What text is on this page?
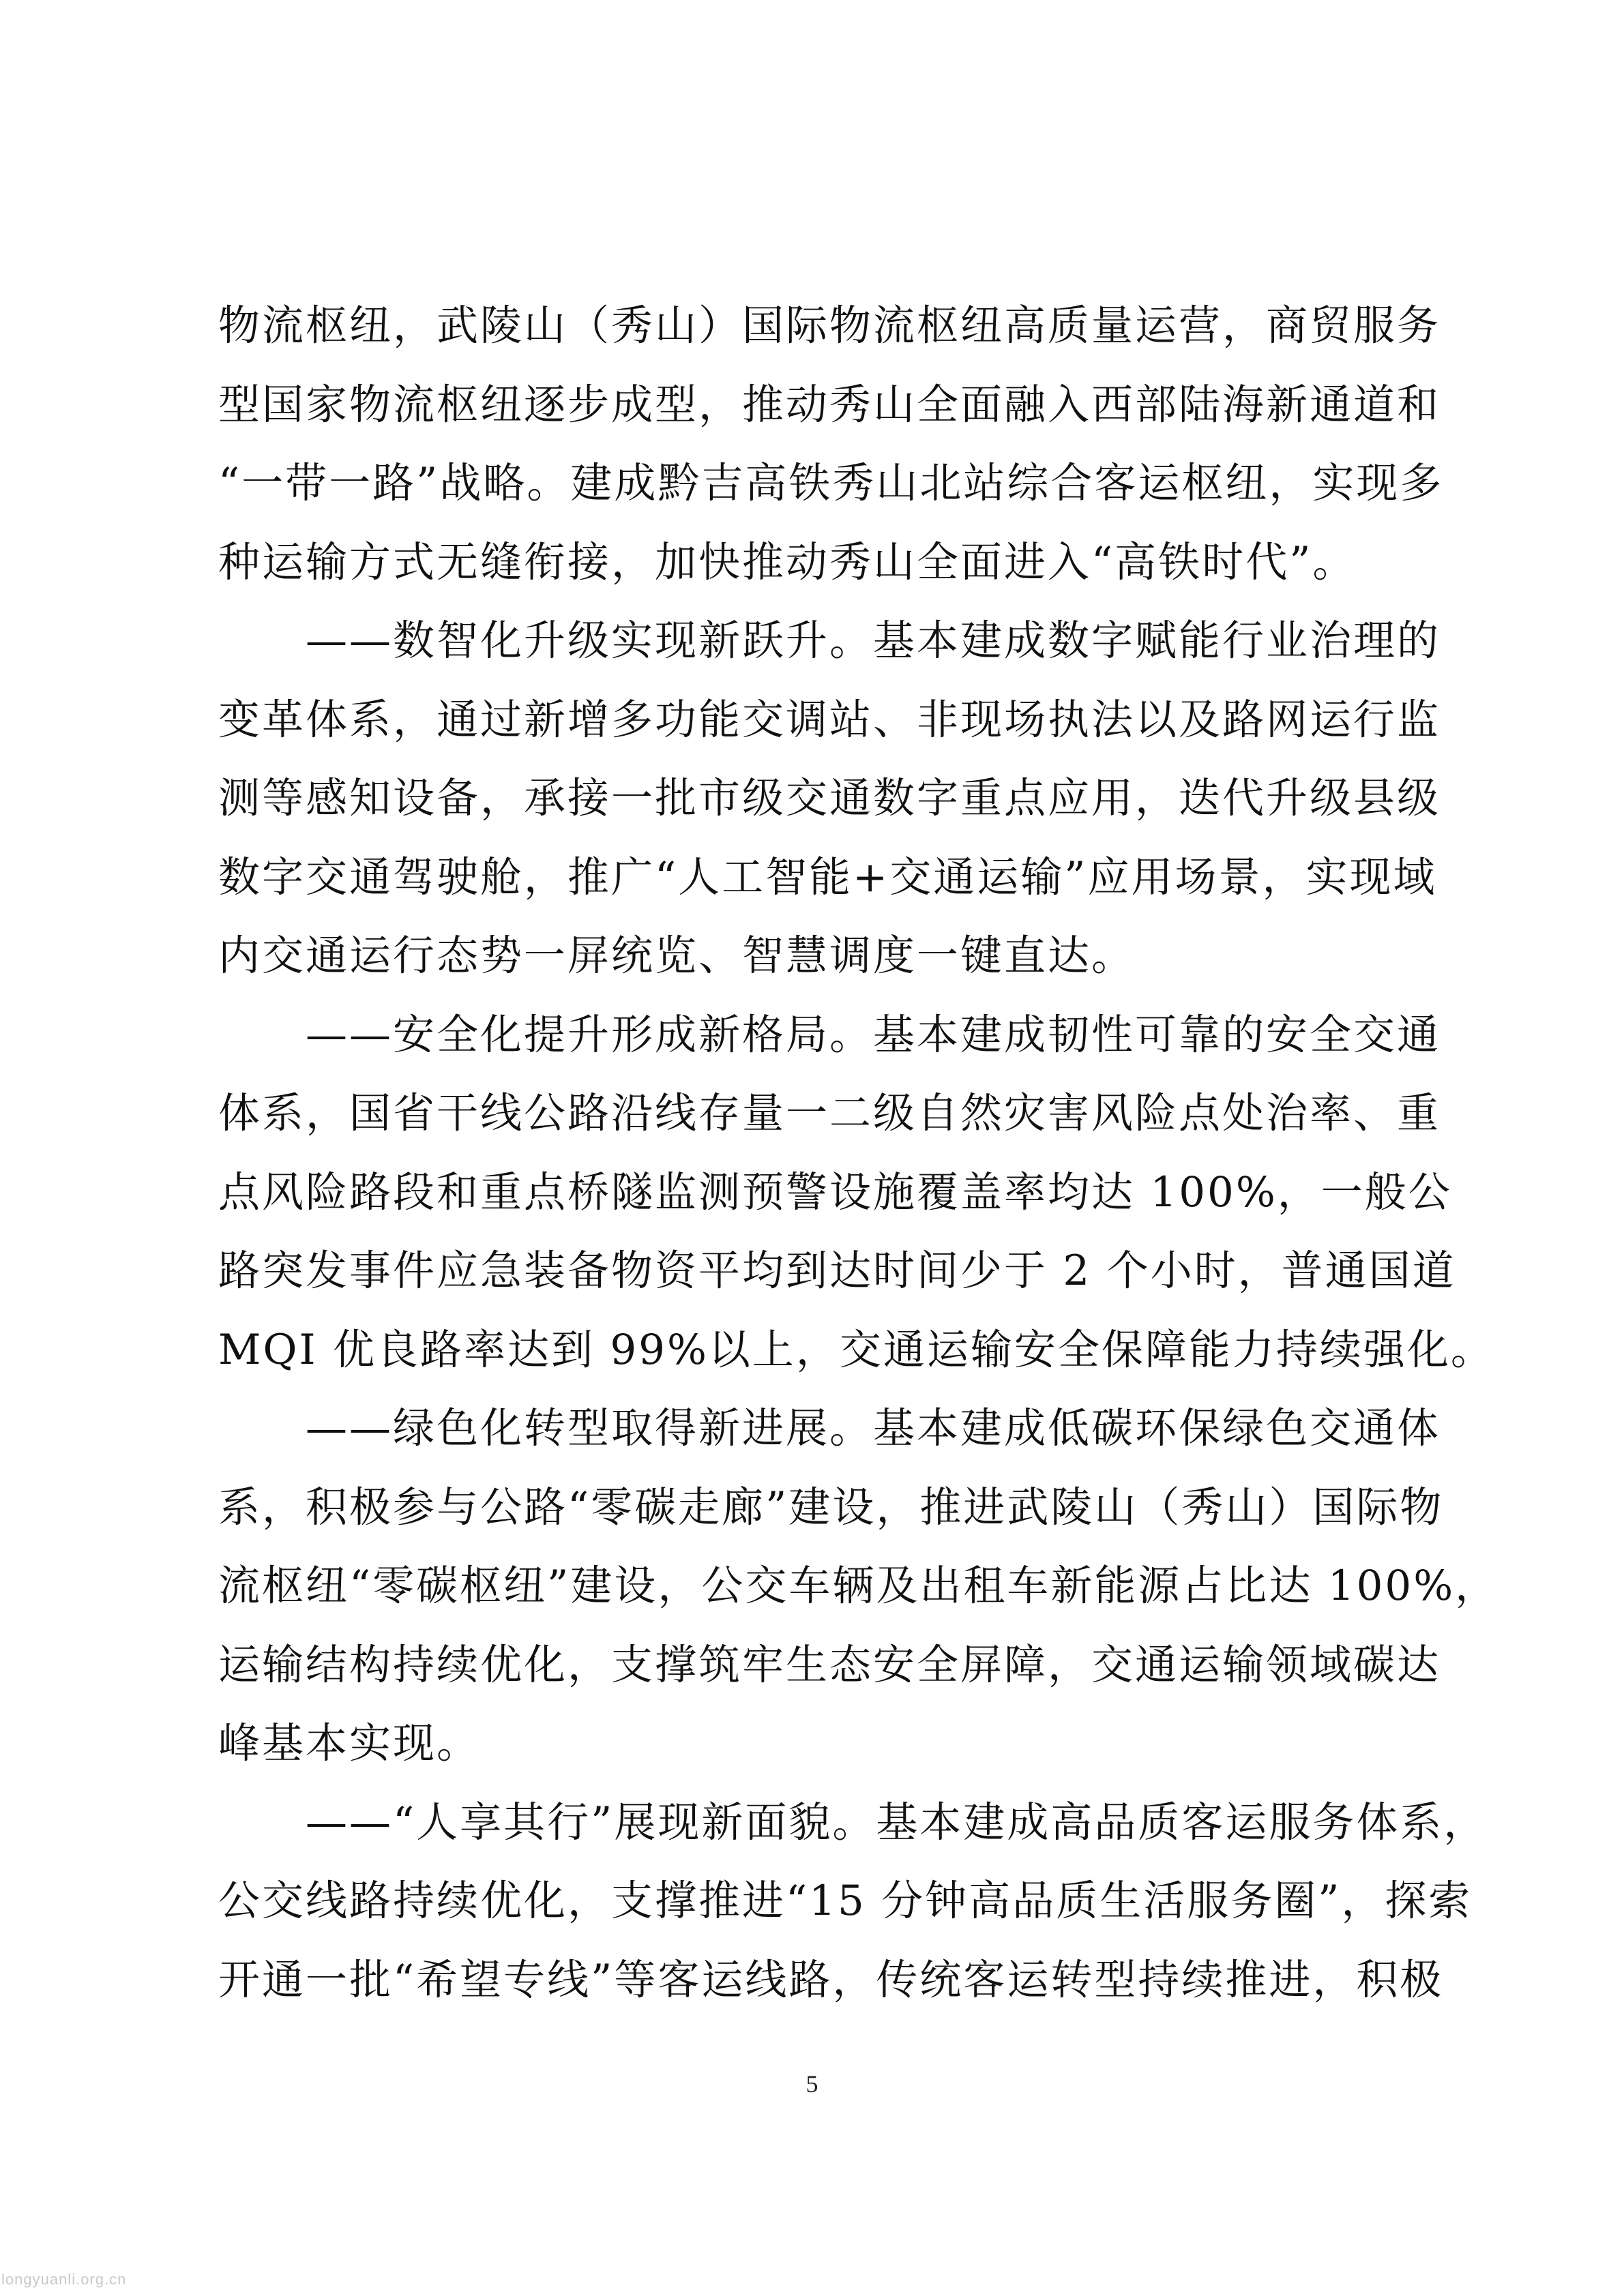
物流枢纽，武陵山（秀山）国际物流枢纽高质量运营，商贸服务
型国家物流枢纽逐步成型，推动秀山全面融入西部陆海新通道和
“一带一路”战略。建成黔吉高铁秀山北站综合客运枢纽，实现多
种运输方式无缝衔接，加快推动秀山全面进入“高铁时代”。
　　——数智化升级实现新跃升。基本建成数字赋能行业治理的
变革体系，通过新增多功能交调站、非现场执法以及路网运行监
测等感知设备，承接一批市级交通数字重点应用，迭代升级县级
数字交通驾驶舱，推广“人工智能+交通运输”应用场景，实现域
内交通运行态势一屏统览、智慧调度一键直达。
　　——安全化提升形成新格局。基本建成韧性可靠的安全交通
体系，国省干线公路沿线存量一二级自然灾害风险点处治率、重
点风险路段和重点桥隧监测预警设施覆盖率均达 100%，一般公
路突发事件应急装备物资平均到达时间少于 2 个小时，普通国道
MQI 优良路率达到 99%以上，交通运输安全保障能力持续强化。
　　——绿色化转型取得新进展。基本建成低碳环保绿色交通体
系，积极参与公路“零碳走廊”建设，推进武陵山（秀山）国际物
流枢纽“零碳枢纽”建设，公交车辆及出租车新能源占比达 100%，
运输结构持续优化，支撑筑牢生态安全屏障，交通运输领域碳达
峰基本实现。
　　——“人享其行”展现新面貌。基本建成高品质客运服务体系，
公交线路持续优化，支撑推进“15 分钟高品质生活服务圈”，探索
开通一批“希望专线”等客运线路，传统客运转型持续推进，积极
5
longyuanli.org.cn
